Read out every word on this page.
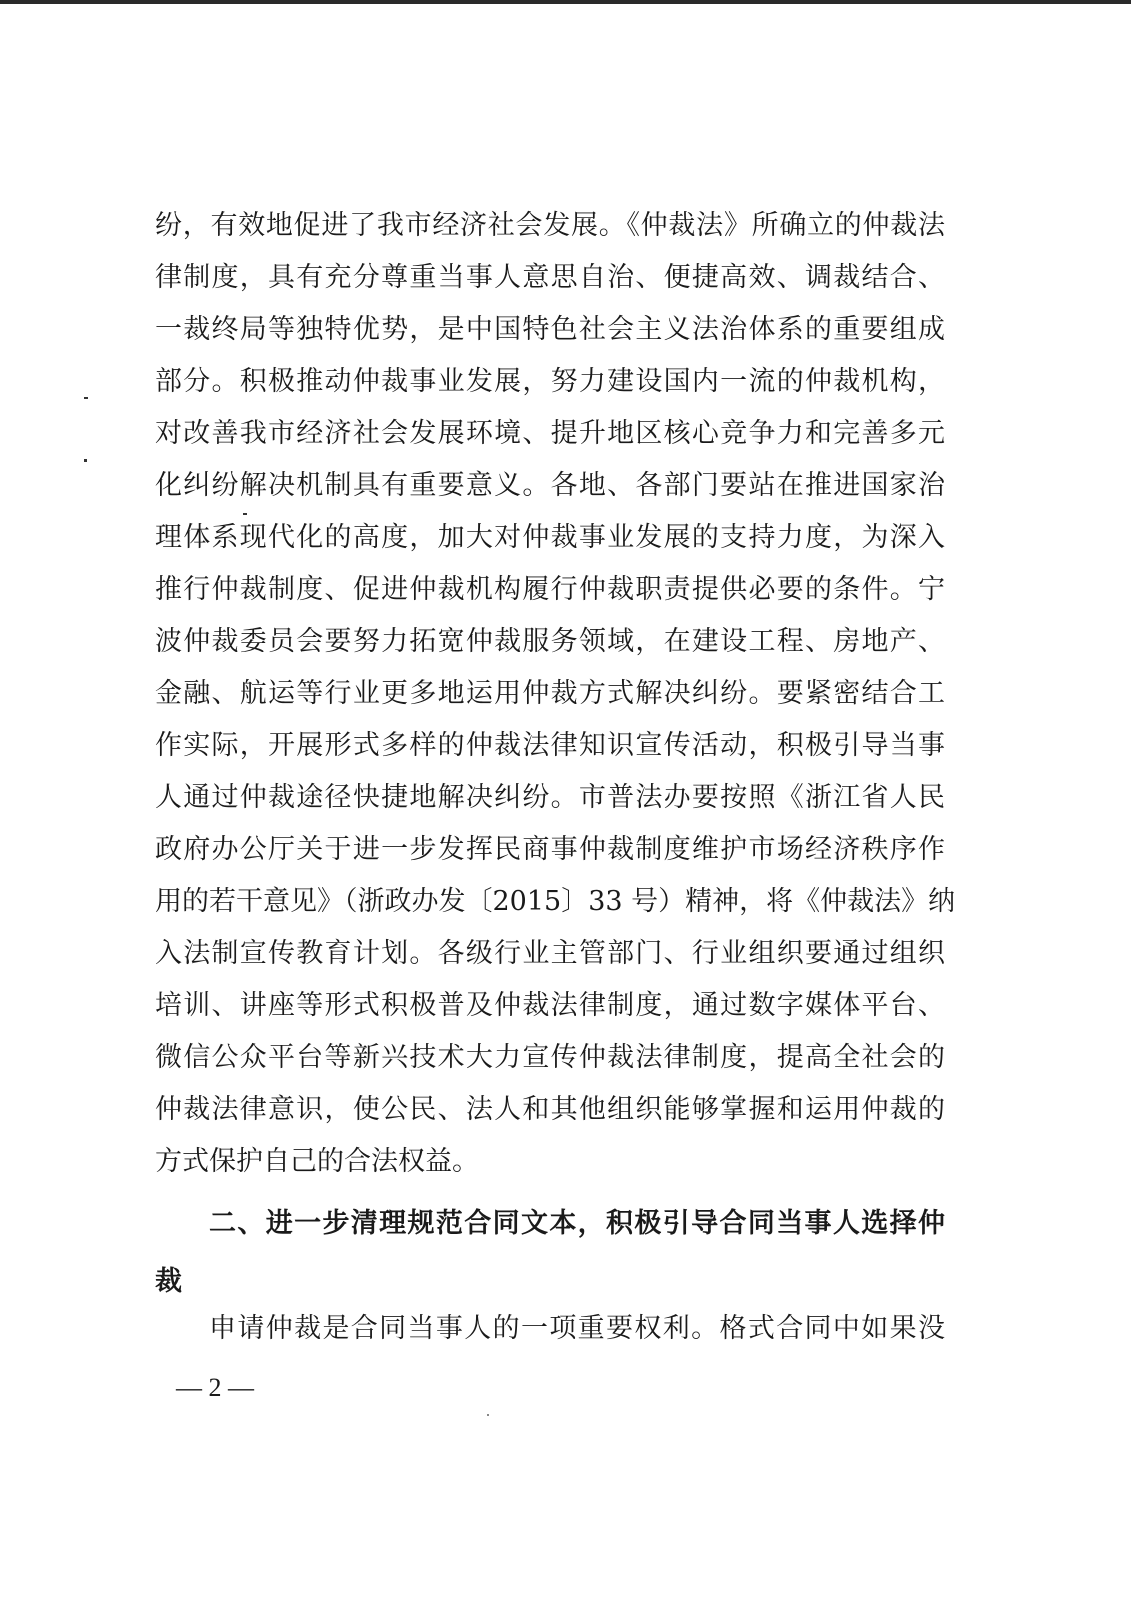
纷，有效地促进了我市经济社会发展。《仲裁法》所确立的仲裁法
律制度，具有充分尊重当事人意思自治、便捷高效、调裁结合、
一裁终局等独特优势，是中国特色社会主义法治体系的重要组成
部分。积极推动仲裁事业发展，努力建设国内一流的仲裁机构，
对改善我市经济社会发展环境、提升地区核心竞争力和完善多元
化纠纷解决机制具有重要意义。各地、各部门要站在推进国家治
理体系现代化的高度，加大对仲裁事业发展的支持力度，为深入
推行仲裁制度、促进仲裁机构履行仲裁职责提供必要的条件。宁
波仲裁委员会要努力拓宽仲裁服务领域，在建设工程、房地产、
金融、航运等行业更多地运用仲裁方式解决纠纷。要紧密结合工
作实际，开展形式多样的仲裁法律知识宣传活动，积极引导当事
人通过仲裁途径快捷地解决纠纷。市普法办要按照《浙江省人民
政府办公厅关于进一步发挥民商事仲裁制度维护市场经济秩序作
用的若干意见》（浙政办发〔2015〕33 号）精神，将《仲裁法》纳
入法制宣传教育计划。各级行业主管部门、行业组织要通过组织
培训、讲座等形式积极普及仲裁法律制度，通过数字媒体平台、
微信公众平台等新兴技术大力宣传仲裁法律制度，提高全社会的
仲裁法律意识，使公民、法人和其他组织能够掌握和运用仲裁的
方式保护自己的合法权益。
二、进一步清理规范合同文本，积极引导合同当事人选择仲
裁
申请仲裁是合同当事人的一项重要权利。格式合同中如果没
— 2 —
